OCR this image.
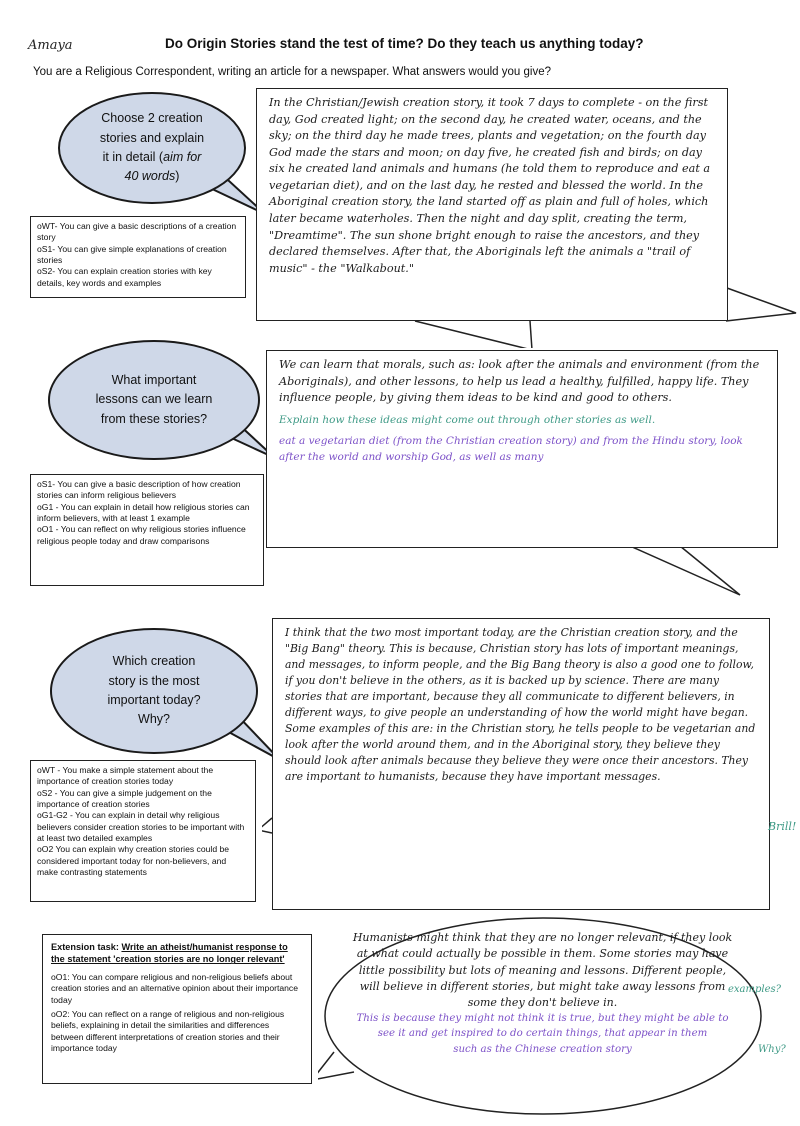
Amaya	Do Origin Stories stand the test of time? Do they teach us anything today?
You are a Religious Correspondent, writing an article for a newspaper. What answers would you give?
Choose 2 creation
stories and explain
it in detail (aim for
40 words)

oWT- You can give a basic descriptions of a creation story

oS1- You can give simple explanations of creation stories

oS2- You can explain creation stories with key details, key words and examples

In the Christian/Jewish creation story, it took 7 days to complete - on the first day, God created light; on the second day, he created water, oceans, and the sky; on the third day he made trees, plants and vegetation; on the fourth day God made the stars and moon; on day five, he created fish and birds; on day six he created land animals and humans (he told them to reproduce and eat a vegetarian diet), and on the last day, he rested and blessed the world. In the Aboriginal creation story, the land started off as plain and full of holes, which later became waterholes. Then the night and day split, creating the term, "Dreamtime". The sun shone bright enough to raise the ancestors, and they declared themselves. After that, the Aboriginals left the animals a "trail of music" - the "Walkabout."

What important
lessons can we learn
from these stories?

oS1- You can give a basic description of how creation stories can inform religious believers

oG1 - You can explain in detail how religious stories can inform believers, with at least 1 example

oO1 - You can reflect on why religious stories influence religious people today and draw comparisons

We can learn that morals, such as: look after the animals and environment (from the Aboriginals), and other lessons, to help us lead a healthy, fulfilled, happy life. They influence people, by giving them ideas to be kind and good to others.

Explain how these ideas might come out through other stories as well.

eat a vegetarian diet (from the Christian creation story) and from the Hindu story, look after the world and worship God, as well as many

Which creation
story is the most
important today?
Why?

oWT - You make a simple statement about the importance of creation stories today

oS2 - You can give a simple judgement on the importance of creation stories

oG1-G2 - You can explain in detail why religious believers consider creation stories to be important with at least two detailed examples

oO2 You can explain why creation stories could be considered important today for non-believers, and make contrasting statements

I think that the two most important today, are the Christian creation story, and the "Big Bang" theory. This is because, Christian story has lots of important meanings, and messages, to inform people, and the Big Bang theory is also a good one to follow, if you don't believe in the others, as it is backed up by science. There are many stories that are important, because they all communicate to different believers, in different ways, to give people an understanding of how the world might have began. Some examples of this are: in the Christian story, he tells people to be vegetarian and look after the world around them, and in the Aboriginal story, they believe they should look after animals because they believe they were once their ancestors. They are important to humanists, because they have important messages.

Brill!

Extension task: Write an atheist/humanist response to the statement 'creation stories are no longer relevant'

oO1: You can compare religious and non-religious beliefs about creation stories and an alternative opinion about their importance today

oO2: You can reflect on a range of religious and non-religious beliefs, explaining in detail the similarities and differences between different interpretations of creation stories and their importance today

Humanists might think that they are no longer relevant, if they look at what could actually be possible in them. Some stories may have little possibility but lots of meaning and lessons. Different people, will believe in different stories, but might take away lessons from some they don't believe in.

This is because they might not think it is true, but they might be able to see it and get inspired to do certain things, that appear in them

such as the Chinese creation story

examples?
Why?
